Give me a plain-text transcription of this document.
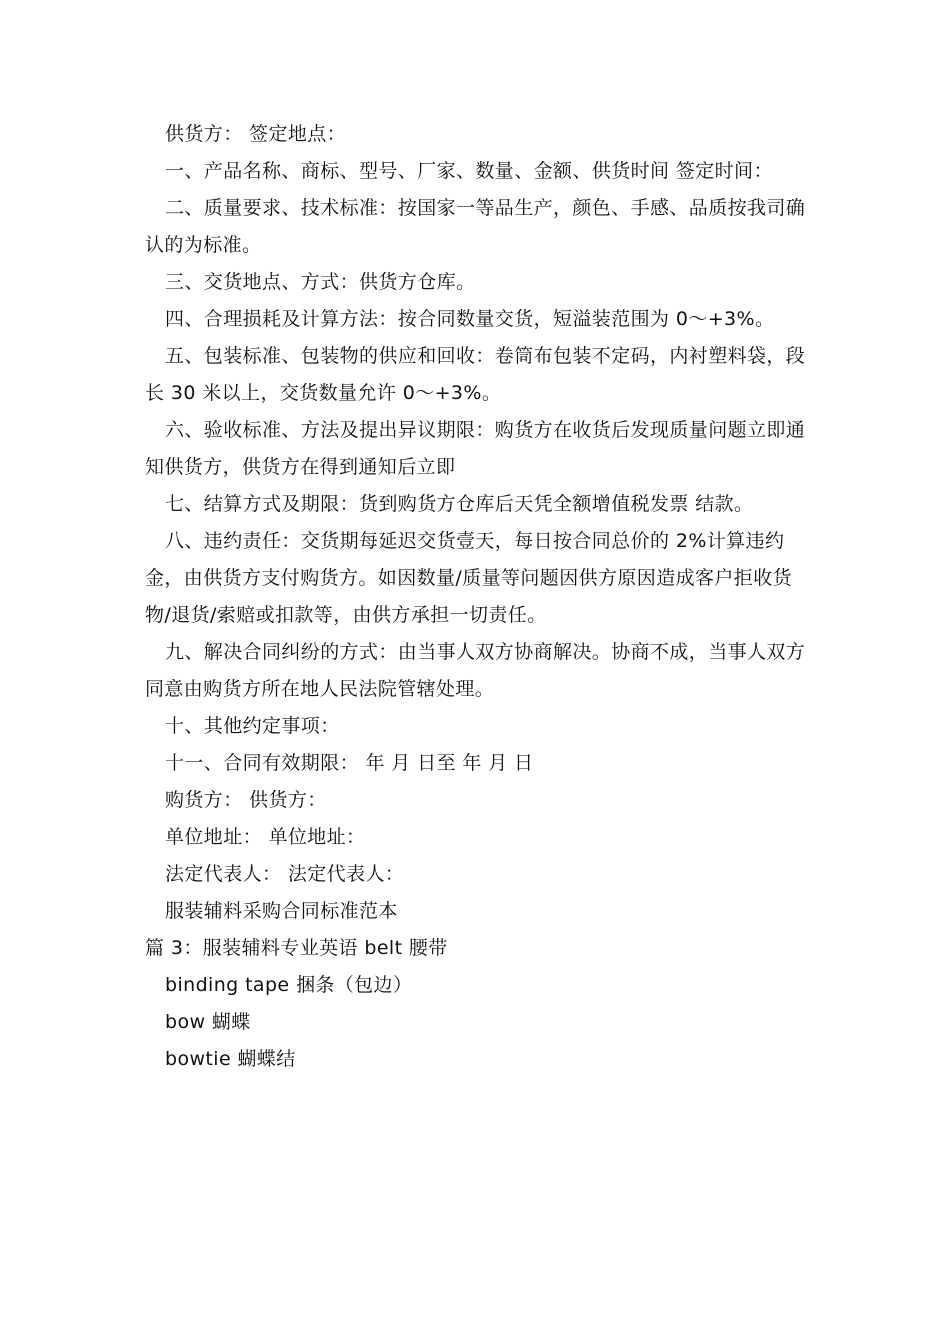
供货方： 签定地点：

一、产品名称、商标、型号、厂家、数量、金额、供货时间 签定时间：

二、质量要求、技术标准：按国家一等品生产，颜色、手感、品质按我司确认的为标准。

三、交货地点、方式：供货方仓库。

四、合理损耗及计算方法：按合同数量交货，短溢装范围为 0～+3%。

五、包装标准、包装物的供应和回收：卷筒布包装不定码，内衬塑料袋，段长 30 米以上，交货数量允许 0～+3%。

六、验收标准、方法及提出异议期限：购货方在收货后发现质量问题立即通知供货方，供货方在得到通知后立即

七、结算方式及期限：货到购货方仓库后天凭全额增值税发票 结款。

八、违约责任：交货期每延迟交货壹天，每日按合同总价的 2%计算违约金，由供货方支付购货方。如因数量/质量等问题因供方原因造成客户拒收货物/退货/索赔或扣款等，由供方承担一切责任。

九、解决合同纠纷的方式：由当事人双方协商解决。协商不成，当事人双方同意由购货方所在地人民法院管辖处理。

十、其他约定事项：

十一、合同有效期限： 年 月 日至 年 月 日

购货方： 供货方：

单位地址： 单位地址：

法定代表人： 法定代表人：

服装辅料采购合同标准范本

篇 3：服装辅料专业英语 belt 腰带

binding tape 捆条（包边）

bow 蝴蝶

bowtie 蝴蝶结
